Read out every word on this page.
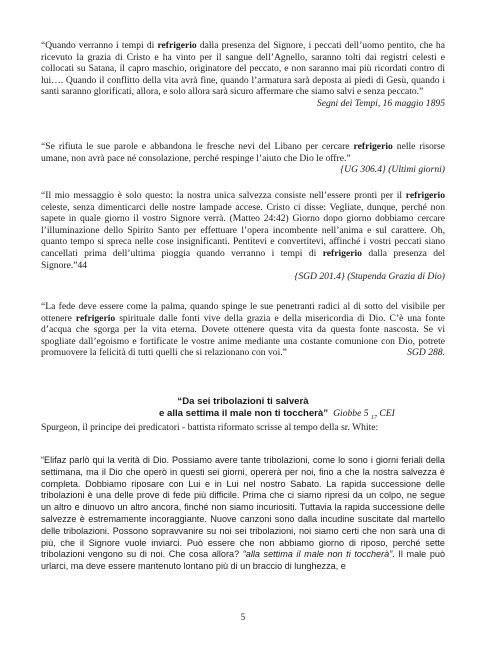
“Quando verranno i tempi di refrigerio dalla presenza del Signore, i peccati dell’uomo pentito, che ha ricevuto la grazia di Cristo e ha vinto per il sangue dell’Agnello, saranno tolti dai registri celesti e collocati su Satana, il capro maschio, originatore del peccato, e non saranno mai più ricordati contro di lui…. Quando il conflitto della vita avrà fine, quando l’armatura sarà deposta ai piedi di Gesù, quando i santi saranno glorificati, allora, e solo allora sarà sicuro affermare che siamo salvi e senza peccato.”
Segni dei Tempi, 16 maggio 1895

“Se rifiuta le sue parole e abbandona le fresche nevi del Libano per cercare refrigerio nelle risorse umane, non avrà pace né consolazione, perché respinge l’aiuto che Dio le offre.”
{UG 306.4} (Ultimi giorni)

“Il mio messaggio è solo questo: la nostra unica salvezza consiste nell’essere pronti per il refrigerio celeste, senza dimenticarci delle nostre lampade accese. Cristo ci disse: Vegliate, dunque, perché non sapete in quale giorno il vostro Signore verrà. (Matteo 24:42) Giorno dopo giorno dobbiamo cercare l’illuminazione dello Spirito Santo per effettuare l’opera incombente nell’anima e sul carattere. Oh, quanto tempo si spreca nelle cose insignificanti. Pentitevi e convertitevi, affinché i vostri peccati siano cancellati prima dell’ultima pioggia quando verranno i tempi di refrigerio dalla presenza del Signore.”44
{SGD 201.4} (Stupenda Grazia di Dio)

“La fede deve essere come la palma, quando spinge le sue penetranti radici al di sotto del visibile per ottenere refrigerio spirituale dalle fonti vive della grazia e della misericordia di Dio. C’è una fonte d’acqua che sgorga per la vita eterna. Dovete ottenere questa vita da questa fonte nascosta. Se vi spogliate dall’egoismo e fortificate le vostre anime mediante una costante comunione con Dio, potrete promuovere la felicità di tutti quelli che si relazionano con voi.”	SGD 288.

“Da sei tribolazioni ti salverà
e alla settima il male non ti toccherà” Giobbe 5 $_{17}$ CEI

Spurgeon, il principe dei predicatori - battista riformato scrisse al tempo della sr. White:

“Elifaz parlò qui la verità di Dio. Possiamo avere tante tribolazioni, come lo sono i giorni feriali della settimana, ma il Dio che operò in questi sei giorni, opererà per noi, fino a che la nostra salvezza è completa. Dobbiamo riposare con Lui e in Lui nel nostro Sabato. La rapida successione delle tribolazioni è una delle prove di fede più difficile. Prima che ci siamo ripresi da un colpo, ne segue un altro e dinuovo un altro ancora, finché non siamo incuriositi. Tuttavia la rapida successione delle salvezze è estremamente incoraggiante. Nuove canzoni sono dalla incudine suscitate dal martello delle tribolazioni. Possono sopravvanire su noi sei tribolazioni, noi siamo certi che non sarà una di più, che il Signore vuole inviarci. Può essere che non abbiamo giorno di riposo, perché sette tribolazioni vengono su di noi. Che cosa allora? “alla settima il male non ti toccherà”. Il male può urlarci, ma deve essere mantenuto lontano più di un braccio di lunghezza, e

5
